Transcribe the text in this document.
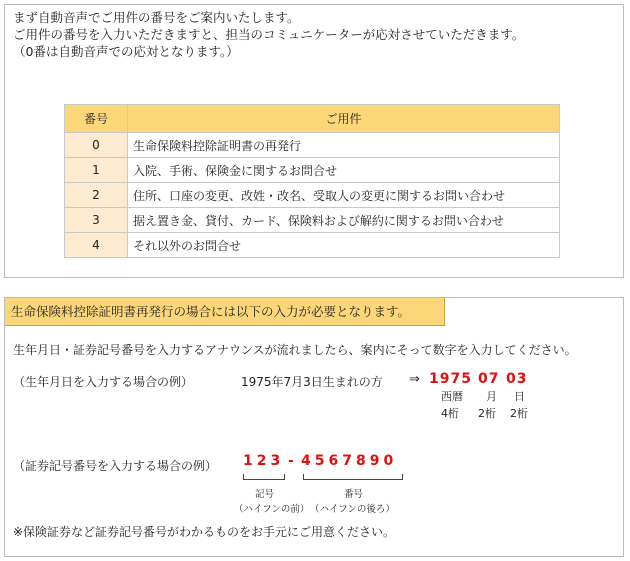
まず自動音声でご用件の番号をご案内いたします。
ご用件の番号を入力いただきますと、担当のコミュニケーターが応対させていただきます。
（0番は自動音声での応対となります。）
番号	ご用件
0	生命保険料控除証明書の再発行
1	入院、手術、保険金に関するお問合せ
2	住所、口座の変更、改姓・改名、受取人の変更に関するお問い合わせ
3	据え置き金、貸付、カード、保険料および解約に関するお問い合わせ
4	それ以外のお問合せ
生命保険料控除証明書再発行の場合には以下の入力が必要となります。
生年月日・証券記号番号を入力するアナウンスが流れましたら、案内にそって数字を入力してください。
（生年月日を入力する場合の例）	1975年7月3日生まれの方 ⇒ 1975 07 03
西暦 月 日
4桁 2桁 2桁
（証券記号番号を入力する場合の例） 123 - 4567890
記号
（ハイフンの前）
番号
（ハイフンの後ろ）
※保険証券など証券記号番号がわかるものをお手元にご用意ください。
